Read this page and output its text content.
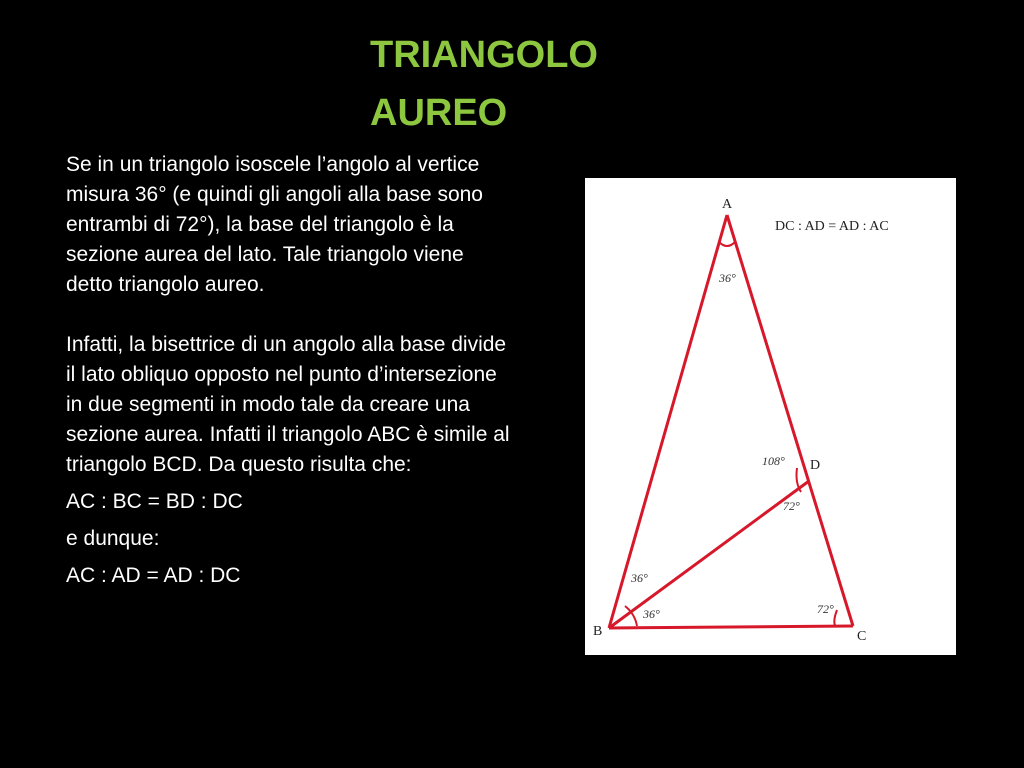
TRIANGOLO
AUREO

Se in un triangolo isoscele l’angolo al vertice misura 36° (e quindi gli angoli alla base sono entrambi di 72°), la base del triangolo è la sezione aurea del lato. Tale triangolo viene detto triangolo aureo.

Infatti, la bisettrice di un angolo alla base divide il lato obliquo opposto nel punto d’intersezione in due segmenti in modo tale da creare una sezione aurea. Infatti il triangolo ABC è simile al triangolo BCD. Da questo risulta che:

AC : BC = BD : DC

e dunque:

AC : AD = AD : DC

A
B	C
D
36°
108°
72°
36°
36°	72°
DC : AD = AD : AC
